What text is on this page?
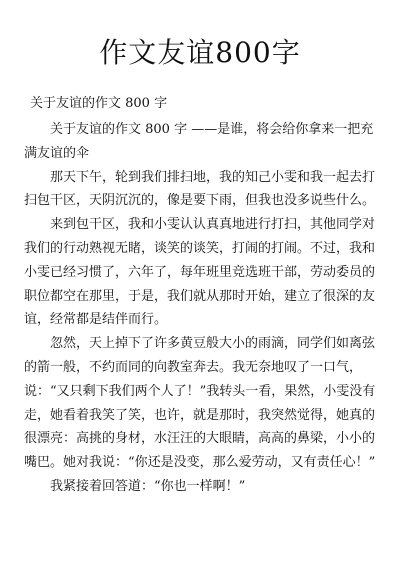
作文友谊800字
关于友谊的作文 800 字

关于友谊的作文 800 字 ——是谁，将会给你拿来一把充满友谊的伞

那天下午，轮到我们排扫地，我的知己小雯和我一起去打扫包干区，天阴沉沉的，像是要下雨，但我也没多说些什么。

来到包干区，我和小雯认认真真地进行打扫，其他同学对我们的行动熟视无睹，谈笑的谈笑，打闹的打闹。不过，我和小雯已经习惯了，六年了，每年班里竞选班干部，劳动委员的职位都空在那里，于是，我们就从那时开始，建立了很深的友谊，经常都是结伴而行。

忽然，天上掉下了许多黄豆般大小的雨滴，同学们如离弦的箭一般，不约而同的向教室奔去。我无奈地叹了一口气，说：“又只剩下我们两个人了！”我转头一看，果然，小雯没有走，她看着我笑了笑，也许，就是那时，我突然觉得，她真的很漂亮：高挑的身材，水汪汪的大眼睛，高高的鼻梁，小小的嘴巴。她对我说：“你还是没变，那么爱劳动，又有责任心！”

我紧接着回答道：“你也一样啊！”
